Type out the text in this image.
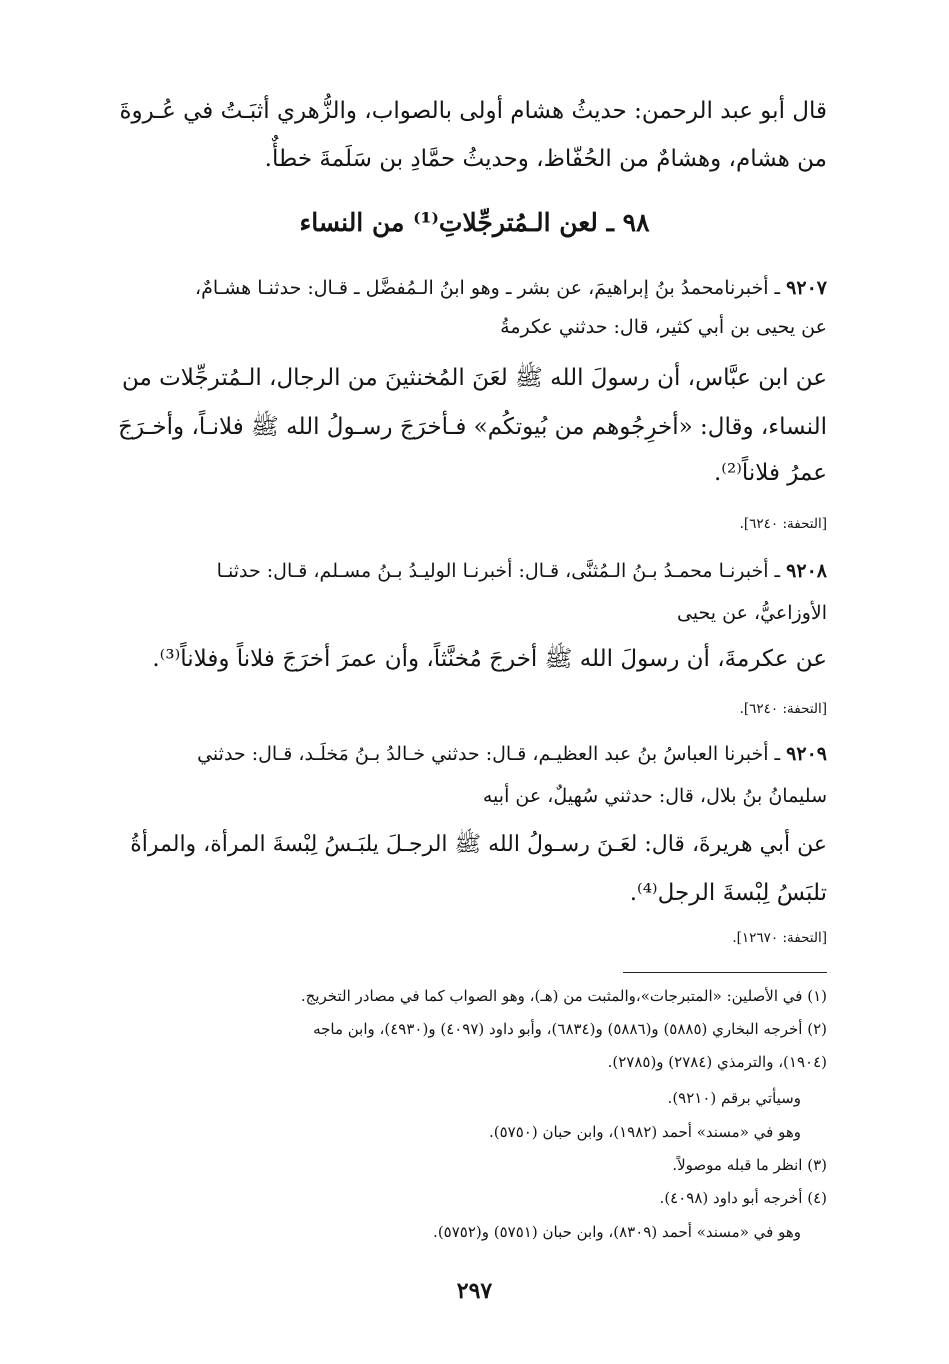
قال أبو عبد الرحمن: حديثُ هشام أولى بالصواب، والزُّهري أثبَـتُ في عُـروةَ
من هشام، وهشامٌ من الحُفّاظ، وحديثُ حمَّادِ بن سَلَمةَ خطأٌ.
٩٨ ـ لعن الـمُترجِّلاتِ⁽¹⁾ من النساء
٩٢٠٧ ـ أخبرنامحمدُ بنُ إبراهيمَ، عن بشر ـ وهو ابنُ الـمُفضَّل ـ قـال: حدثنـا هشـامٌ،
عن يحيى بن أبي كثير، قال: حدثني عكرمةُ
عن ابن عبَّاس، أن رسولَ الله ﷺ لعَنَ المُخنثينَ من الرجال، الـمُترجِّلات من
النساء، وقال: «أخرِجُوهم من بُيوتكُم» فـأخرَجَ رسـولُ الله ﷺ فلانـاً، وأخـرَجَ
عمرُ فلاناً⁽²⁾.
[التحفة: ٦٢٤٠].
٩٢٠٨ ـ أخبرنـا محمـدُ بـنُ الـمُثنَّى، قـال: أخبرنـا الوليـدُ بـنُ مسـلم، قـال: حدثنـا
الأوزاعيُّ، عن يحيى
عن عكرمةَ، أن رسولَ الله ﷺ أخرجَ مُخنَّثاً، وأن عمرَ أخرَجَ فلاناً وفلاناً⁽³⁾.
[التحفة: ٦٢٤٠].
٩٢٠٩ ـ أخبرنا العباسُ بنُ عبد العظيـم، قـال: حدثني خـالدُ بـنُ مَخلَـد، قـال: حدثني
سليمانُ بنُ بلال، قال: حدثني سُهيلٌ، عن أبيه
عن أبي هريرةَ، قال: لعَـنَ رسـولُ الله ﷺ الرجـلَ يلبَـسُ لِبْسةَ المرأة، والمرأةُ
تلبَسُ لِبْسةَ الرجل⁽⁴⁾.
[التحفة: ١٢٦٧٠].
(١) في الأصلين: «المتبرجات»،والمثبت من (هـ)، وهو الصواب كما في مصادر التخريج.
(٢) أخرجه البخاري (٥٨٨٥) و(٥٨٨٦) و(٦٨٣٤)، وأبو داود (٤٠٩٧) و(٤٩٣٠)، وابن ماجه
(١٩٠٤)، والترمذي (٢٧٨٤) و(٢٧٨٥).
وسيأتي برقم (٩٢١٠).
وهو في «مسند» أحمد (١٩٨٢)، وابن حبان (٥٧٥٠).
(٣) انظر ما قبله موصولاً.
(٤) أخرجه أبو داود (٤٠٩٨).
وهو في «مسند» أحمد (٨٣٠٩)، وابن حبان (٥٧٥١) و(٥٧٥٢).
٢٩٧
